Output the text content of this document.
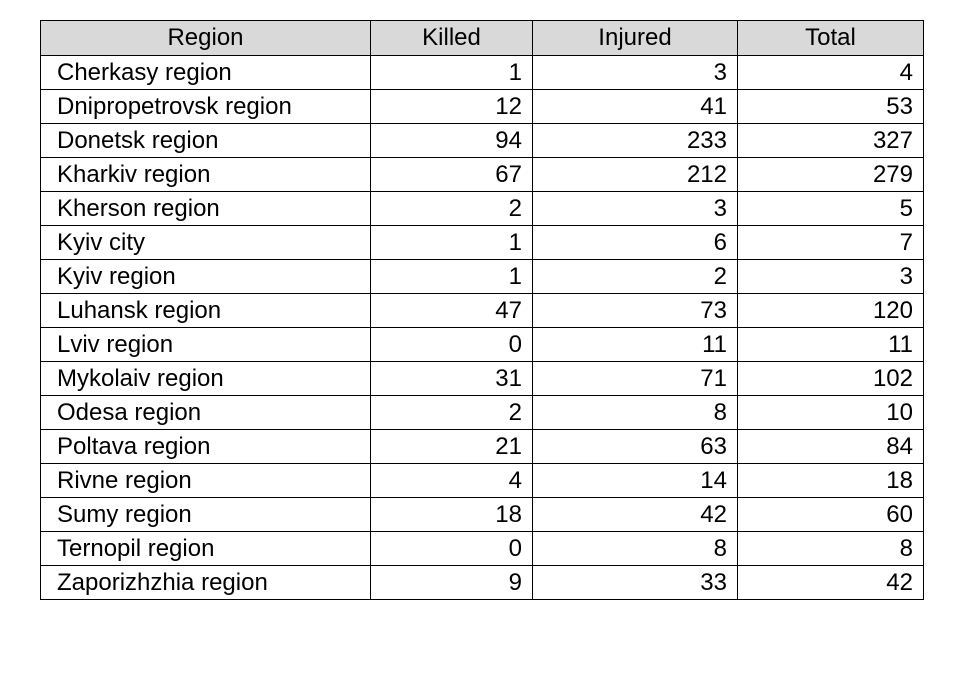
Region	Killed	Injured	Total
Cherkasy region	1	3	4
Dnipropetrovsk region	12	41	53
Donetsk region	94	233	327
Kharkiv region	67	212	279
Kherson region	2	3	5
Kyiv city	1	6	7
Kyiv region	1	2	3
Luhansk region	47	73	120
Lviv region	0	11	11
Mykolaiv region	31	71	102
Odesa region	2	8	10
Poltava region	21	63	84
Rivne region	4	14	18
Sumy region	18	42	60
Ternopil region	0	8	8
Zaporizhzhia region	9	33	42
